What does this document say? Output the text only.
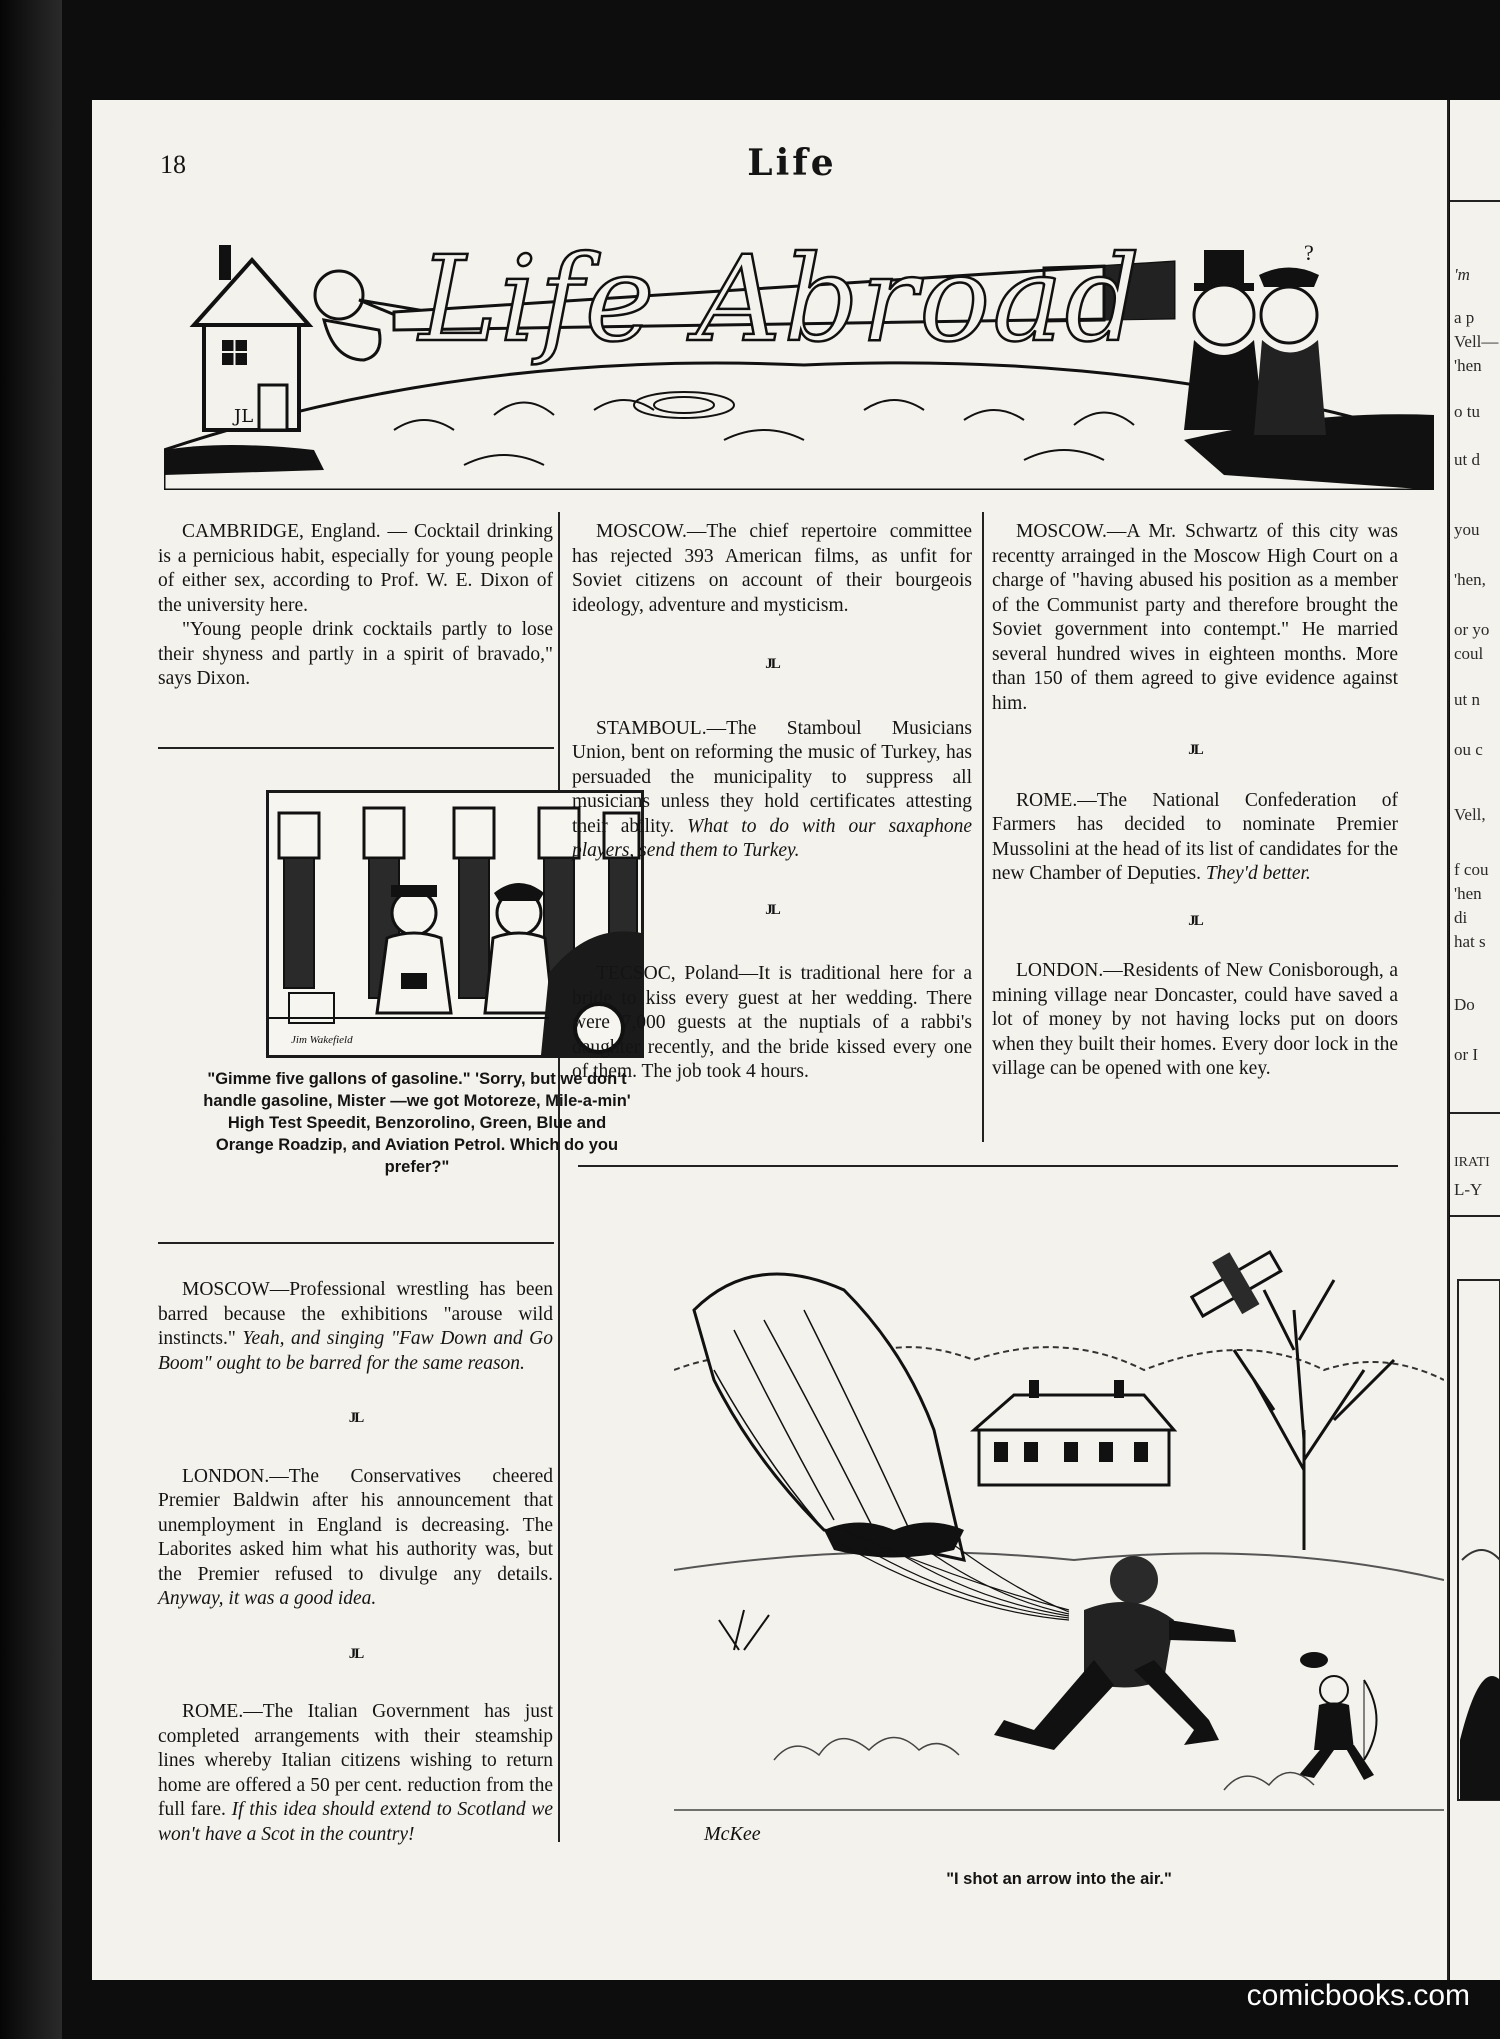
18	Life
JL
Life Abroad	?

CAMBRIDGE, England. — Cocktail drinking is a pernicious habit, especially for young people of either sex, according to Prof. W. E. Dixon of the university here.

"Young people drink cocktails partly to lose their shyness and partly in a spirit of bravado," says Dixon.

Jim Wakefield
"Gimme five gallons of gasoline." 'Sorry, but we don't handle gasoline, Mister —we got Motoreze, Mile-a-min' High Test Speedit, Benzorolino, Green, Blue and Orange Roadzip, and Aviation Petrol. Which do you prefer?"

MOSCOW—Professional wrestling has been barred because the exhibitions "arouse wild instincts." Yeah, and singing "Faw Down and Go Boom" ought to be barred for the same reason.

JL

LONDON.—The Conservatives cheered Premier Baldwin after his announcement that unemployment in England is decreasing. The Laborites asked him what his authority was, but the Premier refused to divulge any details. Anyway, it was a good idea.

JL

ROME.—The Italian Government has just completed arrangements with their steamship lines whereby Italian citizens wishing to return home are offered a 50 per cent. reduction from the full fare. If this idea should extend to Scotland we won't have a Scot in the country!

MOSCOW.—The chief repertoire committee has rejected 393 American films, as unfit for Soviet citizens on account of their bourgeois ideology, adventure and mysticism.

JL

STAMBOUL.—The Stamboul Musicians Union, bent on reforming the music of Turkey, has persuaded the municipality to suppress all musicians unless they hold certificates attesting their ability. What to do with our saxaphone players, send them to Turkey.

JL

TECSOC, Poland—It is traditional here for a bride to kiss every guest at her wedding. There were 7,000 guests at the nuptials of a rabbi's daughter recently, and the bride kissed every one of them. The job took 4 hours.

MOSCOW.—A Mr. Schwartz of this city was recentty arrainged in the Moscow High Court on a charge of "having abused his position as a member of the Communist party and therefore brought the Soviet government into contempt." He married several hundred wives in eighteen months. More than 150 of them agreed to give evidence against him.

JL

ROME.—The National Confederation of Farmers has decided to nominate Premier Mussolini at the head of its list of candidates for the new Chamber of Deputies. They'd better.

JL

LONDON.—Residents of New Conisborough, a mining village near Doncaster, could have saved a lot of money by not having locks put on doors when they built their homes. Every door lock in the village can be opened with one key.

McKee
"I shot an arrow into the air."
'm
a p
Vell—
'hen
o tu
ut d
you
'hen,
or yo
coul
ut n
ou c
Vell,
f cou
'hen
di
hat s
Do
or I
IRATI
L-Y
comicbooks.com
